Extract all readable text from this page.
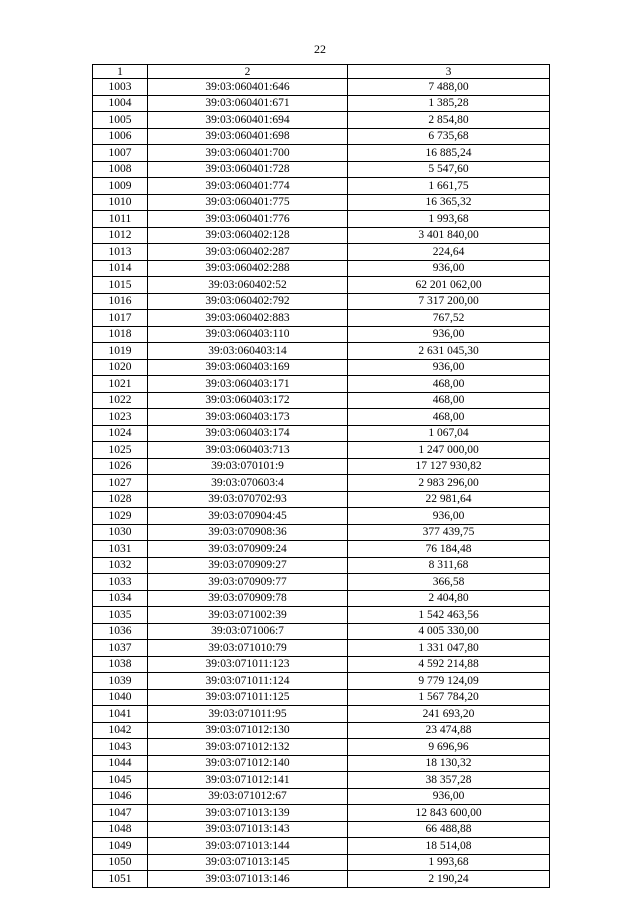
22
1	2	3
1003	39:03:060401:646	7 488,00
1004	39:03:060401:671	1 385,28
1005	39:03:060401:694	2 854,80
1006	39:03:060401:698	6 735,68
1007	39:03:060401:700	16 885,24
1008	39:03:060401:728	5 547,60
1009	39:03:060401:774	1 661,75
1010	39:03:060401:775	16 365,32
1011	39:03:060401:776	1 993,68
1012	39:03:060402:128	3 401 840,00
1013	39:03:060402:287	224,64
1014	39:03:060402:288	936,00
1015	39:03:060402:52	62 201 062,00
1016	39:03:060402:792	7 317 200,00
1017	39:03:060402:883	767,52
1018	39:03:060403:110	936,00
1019	39:03:060403:14	2 631 045,30
1020	39:03:060403:169	936,00
1021	39:03:060403:171	468,00
1022	39:03:060403:172	468,00
1023	39:03:060403:173	468,00
1024	39:03:060403:174	1 067,04
1025	39:03:060403:713	1 247 000,00
1026	39:03:070101:9	17 127 930,82
1027	39:03:070603:4	2 983 296,00
1028	39:03:070702:93	22 981,64
1029	39:03:070904:45	936,00
1030	39:03:070908:36	377 439,75
1031	39:03:070909:24	76 184,48
1032	39:03:070909:27	8 311,68
1033	39:03:070909:77	366,58
1034	39:03:070909:78	2 404,80
1035	39:03:071002:39	1 542 463,56
1036	39:03:071006:7	4 005 330,00
1037	39:03:071010:79	1 331 047,80
1038	39:03:071011:123	4 592 214,88
1039	39:03:071011:124	9 779 124,09
1040	39:03:071011:125	1 567 784,20
1041	39:03:071011:95	241 693,20
1042	39:03:071012:130	23 474,88
1043	39:03:071012:132	9 696,96
1044	39:03:071012:140	18 130,32
1045	39:03:071012:141	38 357,28
1046	39:03:071012:67	936,00
1047	39:03:071013:139	12 843 600,00
1048	39:03:071013:143	66 488,88
1049	39:03:071013:144	18 514,08
1050	39:03:071013:145	1 993,68
1051	39:03:071013:146	2 190,24
